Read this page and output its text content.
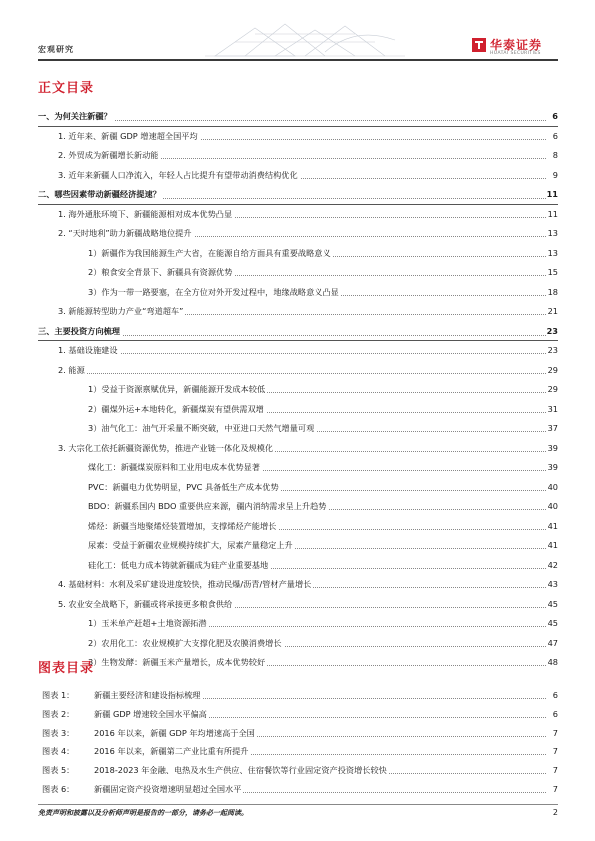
宏观研究	华泰证券
HUATAI SECURITIES
正文目录
一、为何关注新疆？	6
1. 近年来、新疆 GDP 增速超全国平均	6
2. 外贸成为新疆增长新动能	8
3. 近年来新疆人口净流入，年轻人占比提升有望带动消费结构优化	9
二、哪些因素带动新疆经济提速？	11
1. 海外通胀环境下、新疆能源相对成本优势凸显	11
2. “天时地利”助力新疆战略地位提升	13
1）新疆作为我国能源生产大省，在能源自给方面具有重要战略意义	13
2）粮食安全背景下、新疆具有资源优势	15
3）作为一带一路要塞，在全方位对外开发过程中，地缘战略意义凸显	18
3. 新能源转型助力产业“弯道超车”	21
三、主要投资方向梳理	23
1. 基础设施建设	23
2. 能源	29
1）受益于资源禀赋优异，新疆能源开发成本较低	29
2）疆煤外运+本地转化，新疆煤炭有望供需双增	31
3）油气化工：油气开采量不断突破，中亚进口天然气增量可观	37
3. 大宗化工依托新疆资源优势，推进产业链一体化及规模化	39
煤化工：新疆煤炭原料和工业用电成本优势显著	39
PVC：新疆电力优势明显，PVC 具备低生产成本优势	40
BDO：新疆系国内 BDO 重要供应来源，疆内消纳需求呈上升趋势	40
烯烃：新疆当地聚烯烃装置增加，支撑烯烃产能增长	41
尿素：受益于新疆农业规模持续扩大，尿素产量稳定上升	41
硅化工：低电力成本铸就新疆成为硅产业重要基地	42
4. 基础材料：水利及采矿建设进度较快，推动民爆/沥青/管材产量增长	43
5. 农业安全战略下，新疆或将承接更多粮食供给	45
1）玉米单产赶超+土地资源拓潜	45
2）农用化工：农业规模扩大支撑化肥及农膜消费增长	47
3）生物发酵：新疆玉米产量增长，成本优势较好	48
图表目录
图表 1： 新疆主要经济和建设指标梳理	6
图表 2： 新疆 GDP 增速较全国水平偏高	6
图表 3： 2016 年以来，新疆 GDP 年均增速高于全国	7
图表 4： 2016 年以来，新疆第二产业比重有所提升	7
图表 5： 2018-2023 年金融、电热及水生产供应、住宿餐饮等行业固定资产投资增长较快	7
图表 6： 新疆固定资产投资增速明显超过全国水平	7
免责声明和披露以及分析师声明是报告的一部分，请务必一起阅读。	2
